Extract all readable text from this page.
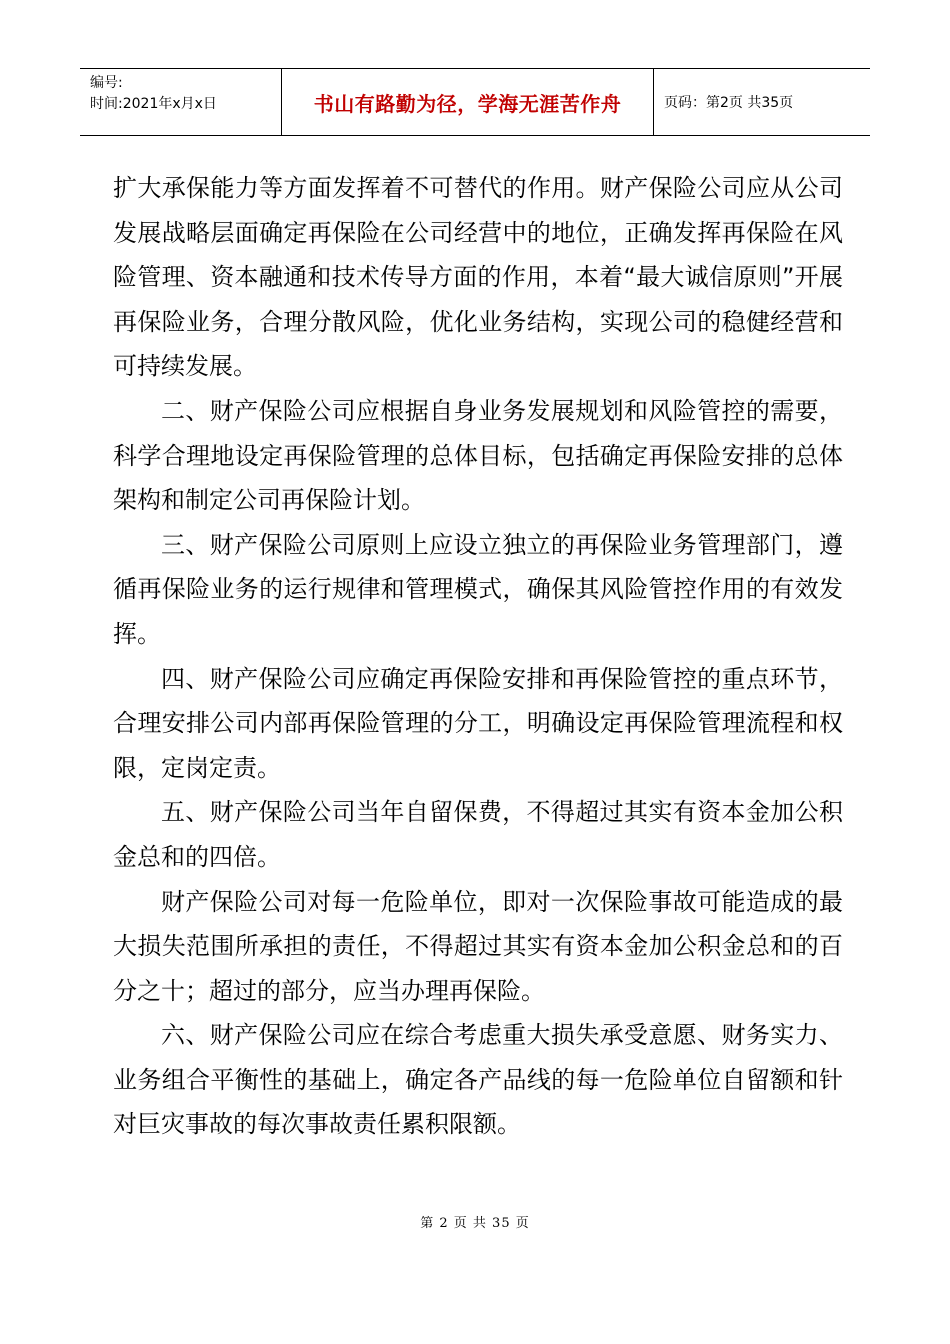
编号:
时间:2021年x月x日	书山有路勤为径，学海无涯苦作舟	页码：第2页 共35页

扩大承保能力等方面发挥着不可替代的作用。财产保险公司应从公司发展战略层面确定再保险在公司经营中的地位，正确发挥再保险在风险管理、资本融通和技术传导方面的作用，本着“最大诚信原则”开展再保险业务，合理分散风险，优化业务结构，实现公司的稳健经营和可持续发展。

二、财产保险公司应根据自身业务发展规划和风险管控的需要，科学合理地设定再保险管理的总体目标，包括确定再保险安排的总体架构和制定公司再保险计划。

三、财产保险公司原则上应设立独立的再保险业务管理部门，遵循再保险业务的运行规律和管理模式，确保其风险管控作用的有效发挥。

四、财产保险公司应确定再保险安排和再保险管控的重点环节，合理安排公司内部再保险管理的分工，明确设定再保险管理流程和权限，定岗定责。

五、财产保险公司当年自留保费，不得超过其实有资本金加公积金总和的四倍。

财产保险公司对每一危险单位，即对一次保险事故可能造成的最大损失范围所承担的责任，不得超过其实有资本金加公积金总和的百分之十；超过的部分，应当办理再保险。

六、财产保险公司应在综合考虑重大损失承受意愿、财务实力、业务组合平衡性的基础上，确定各产品线的每一危险单位自留额和针对巨灾事故的每次事故责任累积限额。

第 2 页 共 35 页
